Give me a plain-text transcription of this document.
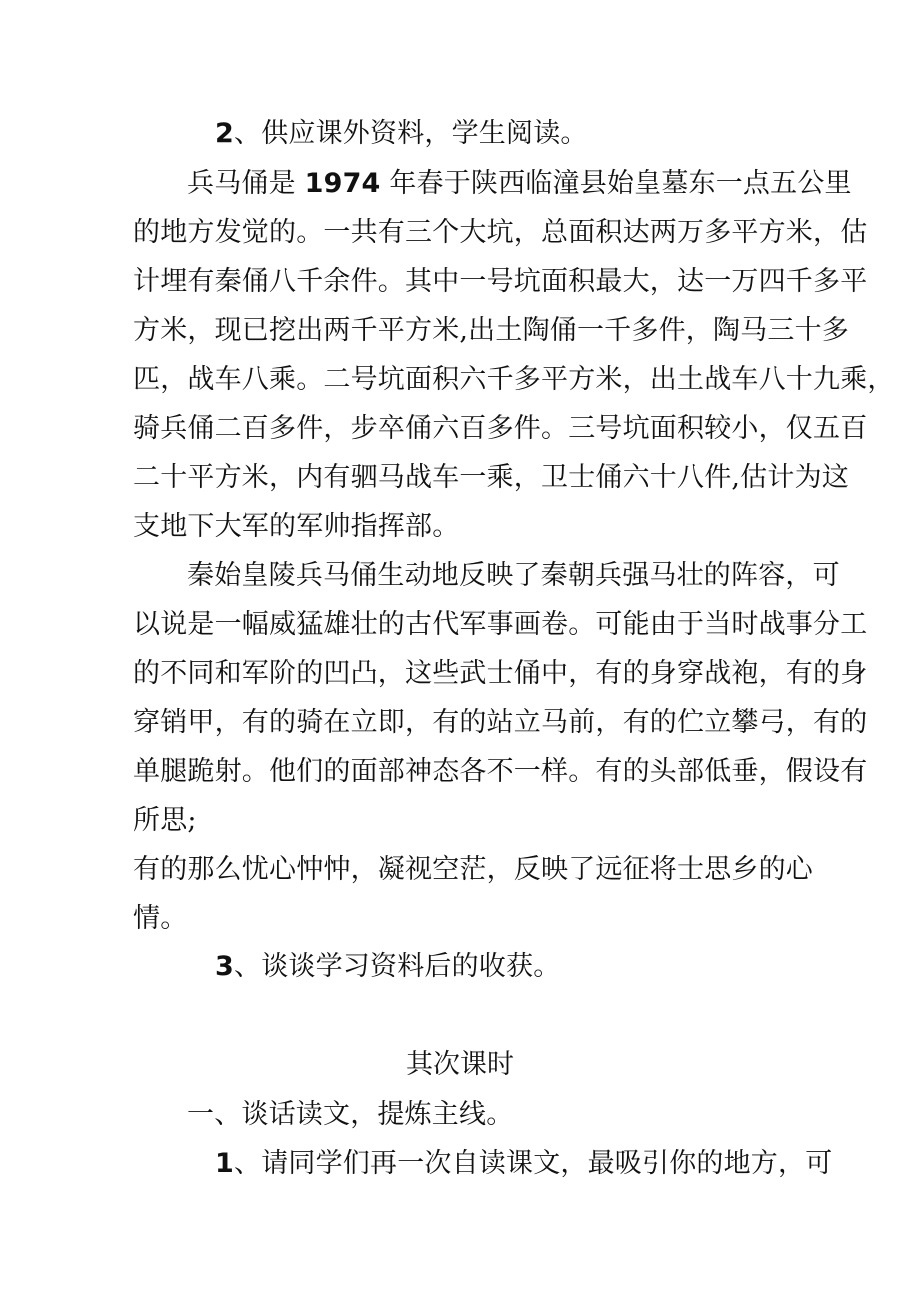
2、供应课外资料，学生阅读。
兵马俑是 1974 年春于陕西临潼县始皇墓东一点五公里
的地方发觉的。一共有三个大坑，总面积达两万多平方米，估
计埋有秦俑八千余件。其中一号坑面积最大，达一万四千多平
方米，现已挖出两千平方米,出土陶俑一千多件，陶马三十多
匹，战车八乘。二号坑面积六千多平方米，出土战车八十九乘，
骑兵俑二百多件，步卒俑六百多件。三号坑面积较小，仅五百
二十平方米，内有驷马战车一乘，卫士俑六十八件,估计为这
支地下大军的军帅指挥部。
秦始皇陵兵马俑生动地反映了秦朝兵强马壮的阵容，可
以说是一幅威猛雄壮的古代军事画卷。可能由于当时战事分工
的不同和军阶的凹凸，这些武士俑中，有的身穿战袍，有的身
穿销甲，有的骑在立即，有的站立马前，有的伫立攀弓，有的
单腿跪射。他们的面部神态各不一样。有的头部低垂，假设有
所思;
有的那么忧心忡忡，凝视空茫，反映了远征将士思乡的心
情。
3、谈谈学习资料后的收获。
其次课时
一、谈话读文，提炼主线。
1、请同学们再一次自读课文，最吸引你的地方，可
